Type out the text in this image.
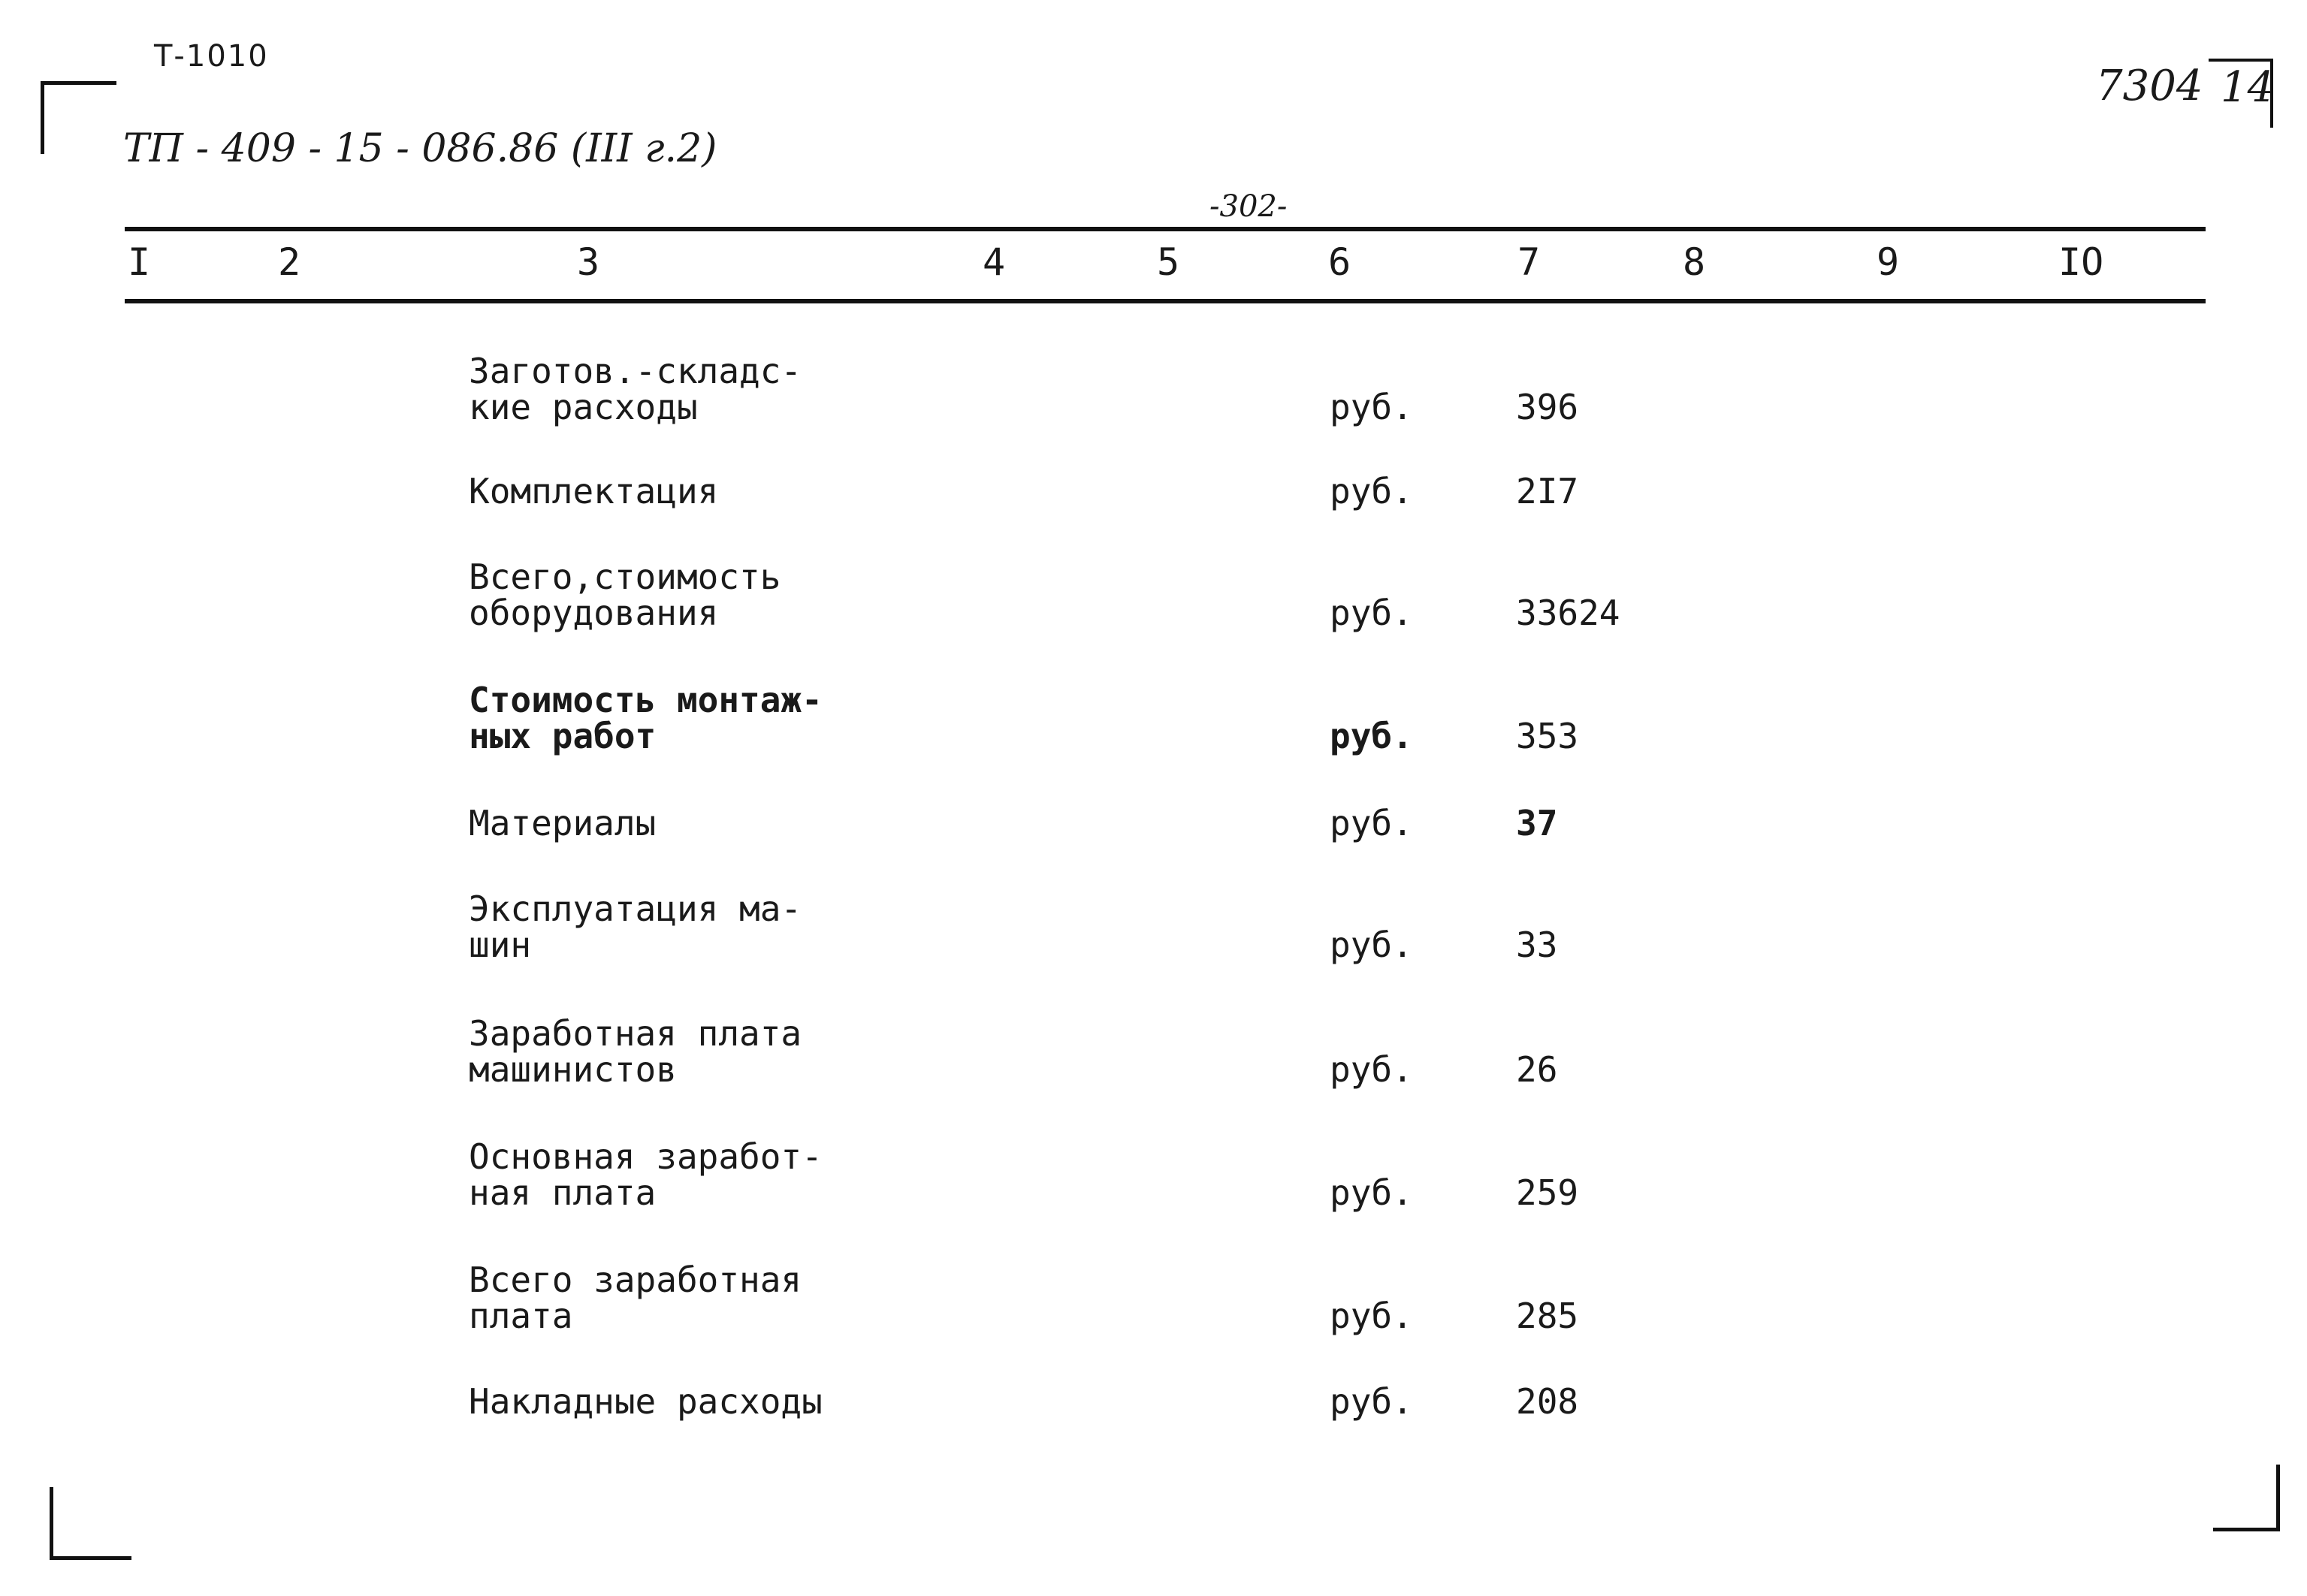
Т-1010
ТП - 409 - 15 - 086.86 (III г.2)
7304 14
-302-
I	2	3	4	5	6	7	8	9	IO
Заготов.-складс-
кие расходы	руб.	396
Комплектация	руб.	2I7
Всего,стоимость
оборудования	руб.	33624
Стоимость монтаж-
ных работ	руб.	353
Материалы	руб.	37
Эксплуатация ма-
шин	руб.	33
Заработная плата
машинистов	руб.	26
Основная заработ-
ная плата	руб.	259
Всего заработная
плата	руб.	285
Накладные расходы	руб.	208
